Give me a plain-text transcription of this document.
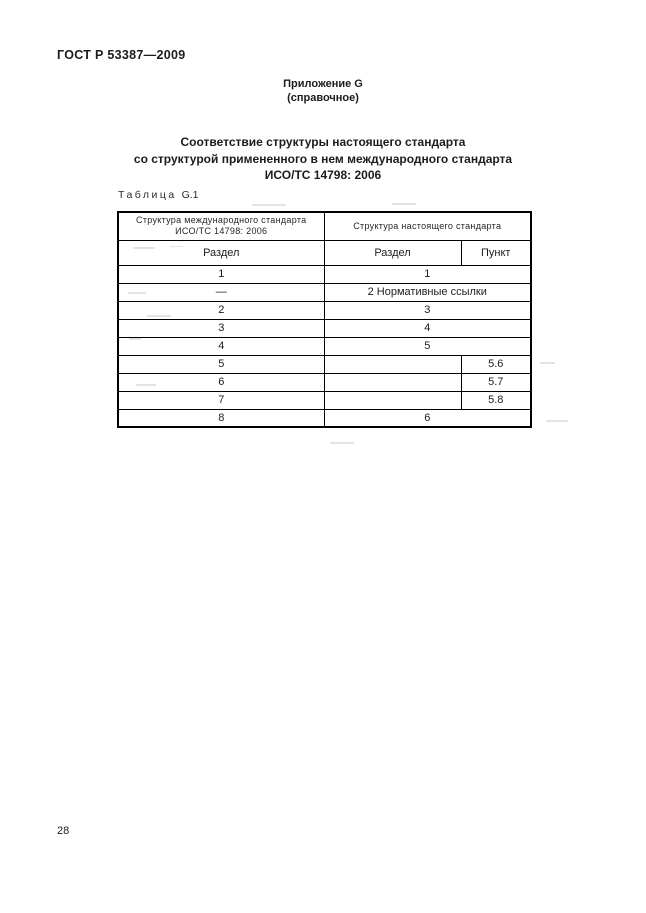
ГОСТ Р 53387—2009
Приложение G
(справочное)
Соответствие структуры настоящего стандарта
со структурой примененного в нем международного стандарта
ИСО/ТС 14798: 2006
Таблица G.1
Структура международного стандарта
ИСО/ТС 14798: 2006	Структура настоящего стандарта	
Раздел	Раздел	Пункт
1	1	
—	2 Нормативные ссылки	
2	3	
3	4	
4	5	
5		5.6
6		5.7
7		5.8
8	6	
28
